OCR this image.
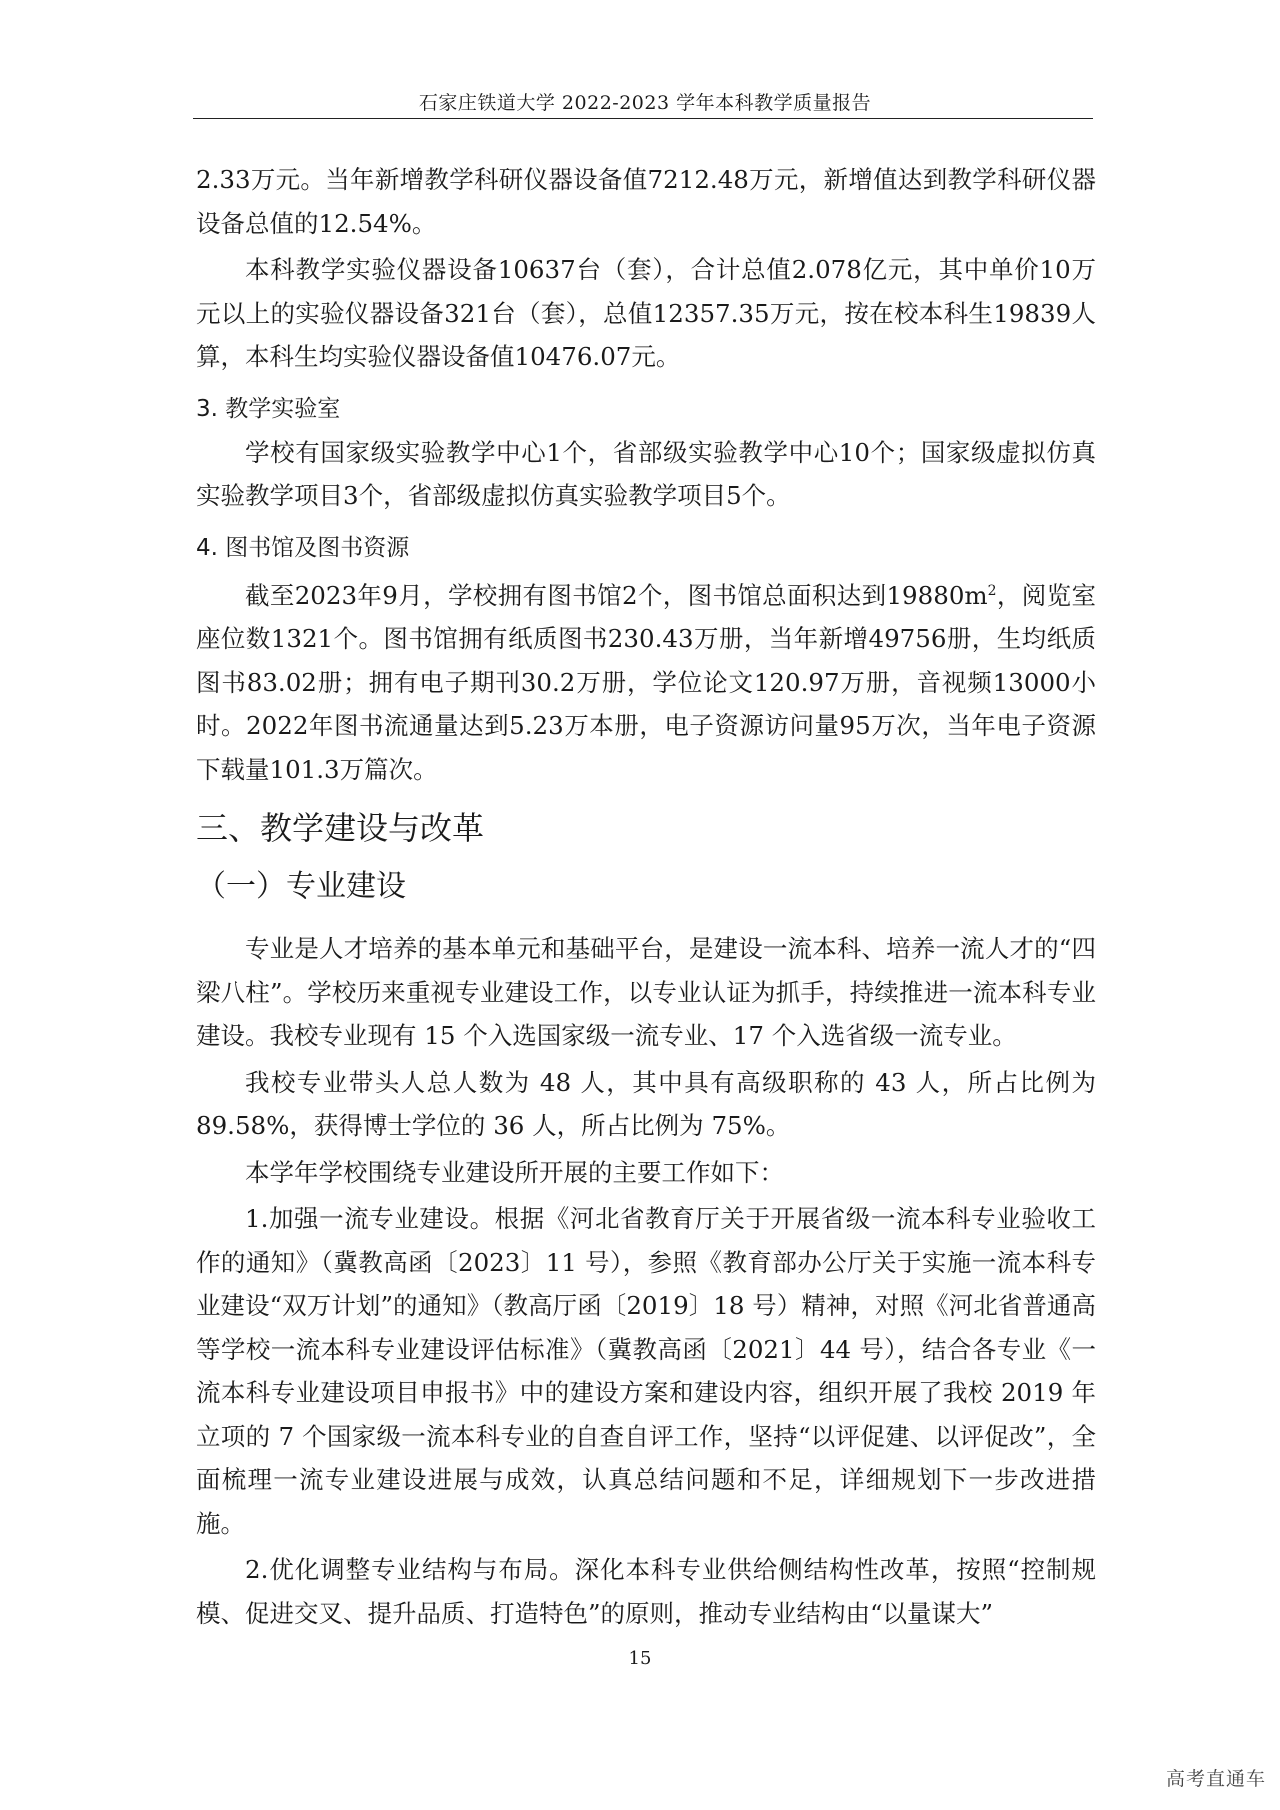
石家庄铁道大学 2022-2023 学年本科教学质量报告

2.33万元。当年新增教学科研仪器设备值7212.48万元，新增值达到教学科研仪器设备总值的12.54%。

本科教学实验仪器设备10637台（套），合计总值2.078亿元，其中单价10万元以上的实验仪器设备321台（套），总值12357.35万元，按在校本科生19839人算，本科生均实验仪器设备值10476.07元。

3. 教学实验室

学校有国家级实验教学中心1个，省部级实验教学中心10个；国家级虚拟仿真实验教学项目3个，省部级虚拟仿真实验教学项目5个。

4. 图书馆及图书资源

截至2023年9月，学校拥有图书馆2个，图书馆总面积达到$19880m^2$，阅览室座位数1321个。图书馆拥有纸质图书230.43万册，当年新增49756册，生均纸质图书83.02册；拥有电子期刊30.2万册，学位论文120.97万册，音视频13000小时。2022年图书流通量达到5.23万本册，电子资源访问量95万次，当年电子资源下载量101.3万篇次。

三、教学建设与改革
（一）专业建设

专业是人才培养的基本单元和基础平台，是建设一流本科、培养一流人才的“四梁八柱”。学校历来重视专业建设工作，以专业认证为抓手，持续推进一流本科专业建设。我校专业现有 15 个入选国家级一流专业、17 个入选省级一流专业。

我校专业带头人总人数为 48 人，其中具有高级职称的 43 人，所占比例为 89.58%，获得博士学位的 36 人，所占比例为 75%。

本学年学校围绕专业建设所开展的主要工作如下：

1.加强一流专业建设。根据《河北省教育厅关于开展省级一流本科专业验收工作的通知》（冀教高函〔2023〕11 号），参照《教育部办公厅关于实施一流本科专业建设“双万计划”的通知》（教高厅函〔2019〕18 号）精神，对照《河北省普通高等学校一流本科专业建设评估标准》（冀教高函〔2021〕44 号），结合各专业《一流本科专业建设项目申报书》中的建设方案和建设内容，组织开展了我校 2019 年立项的 7 个国家级一流本科专业的自查自评工作，坚持“以评促建、以评促改”，全面梳理一流专业建设进展与成效，认真总结问题和不足，详细规划下一步改进措施。

2.优化调整专业结构与布局。深化本科专业供给侧结构性改革，按照“控制规模、促进交叉、提升品质、打造特色”的原则，推动专业结构由“以量谋大”

15
高考直通车
